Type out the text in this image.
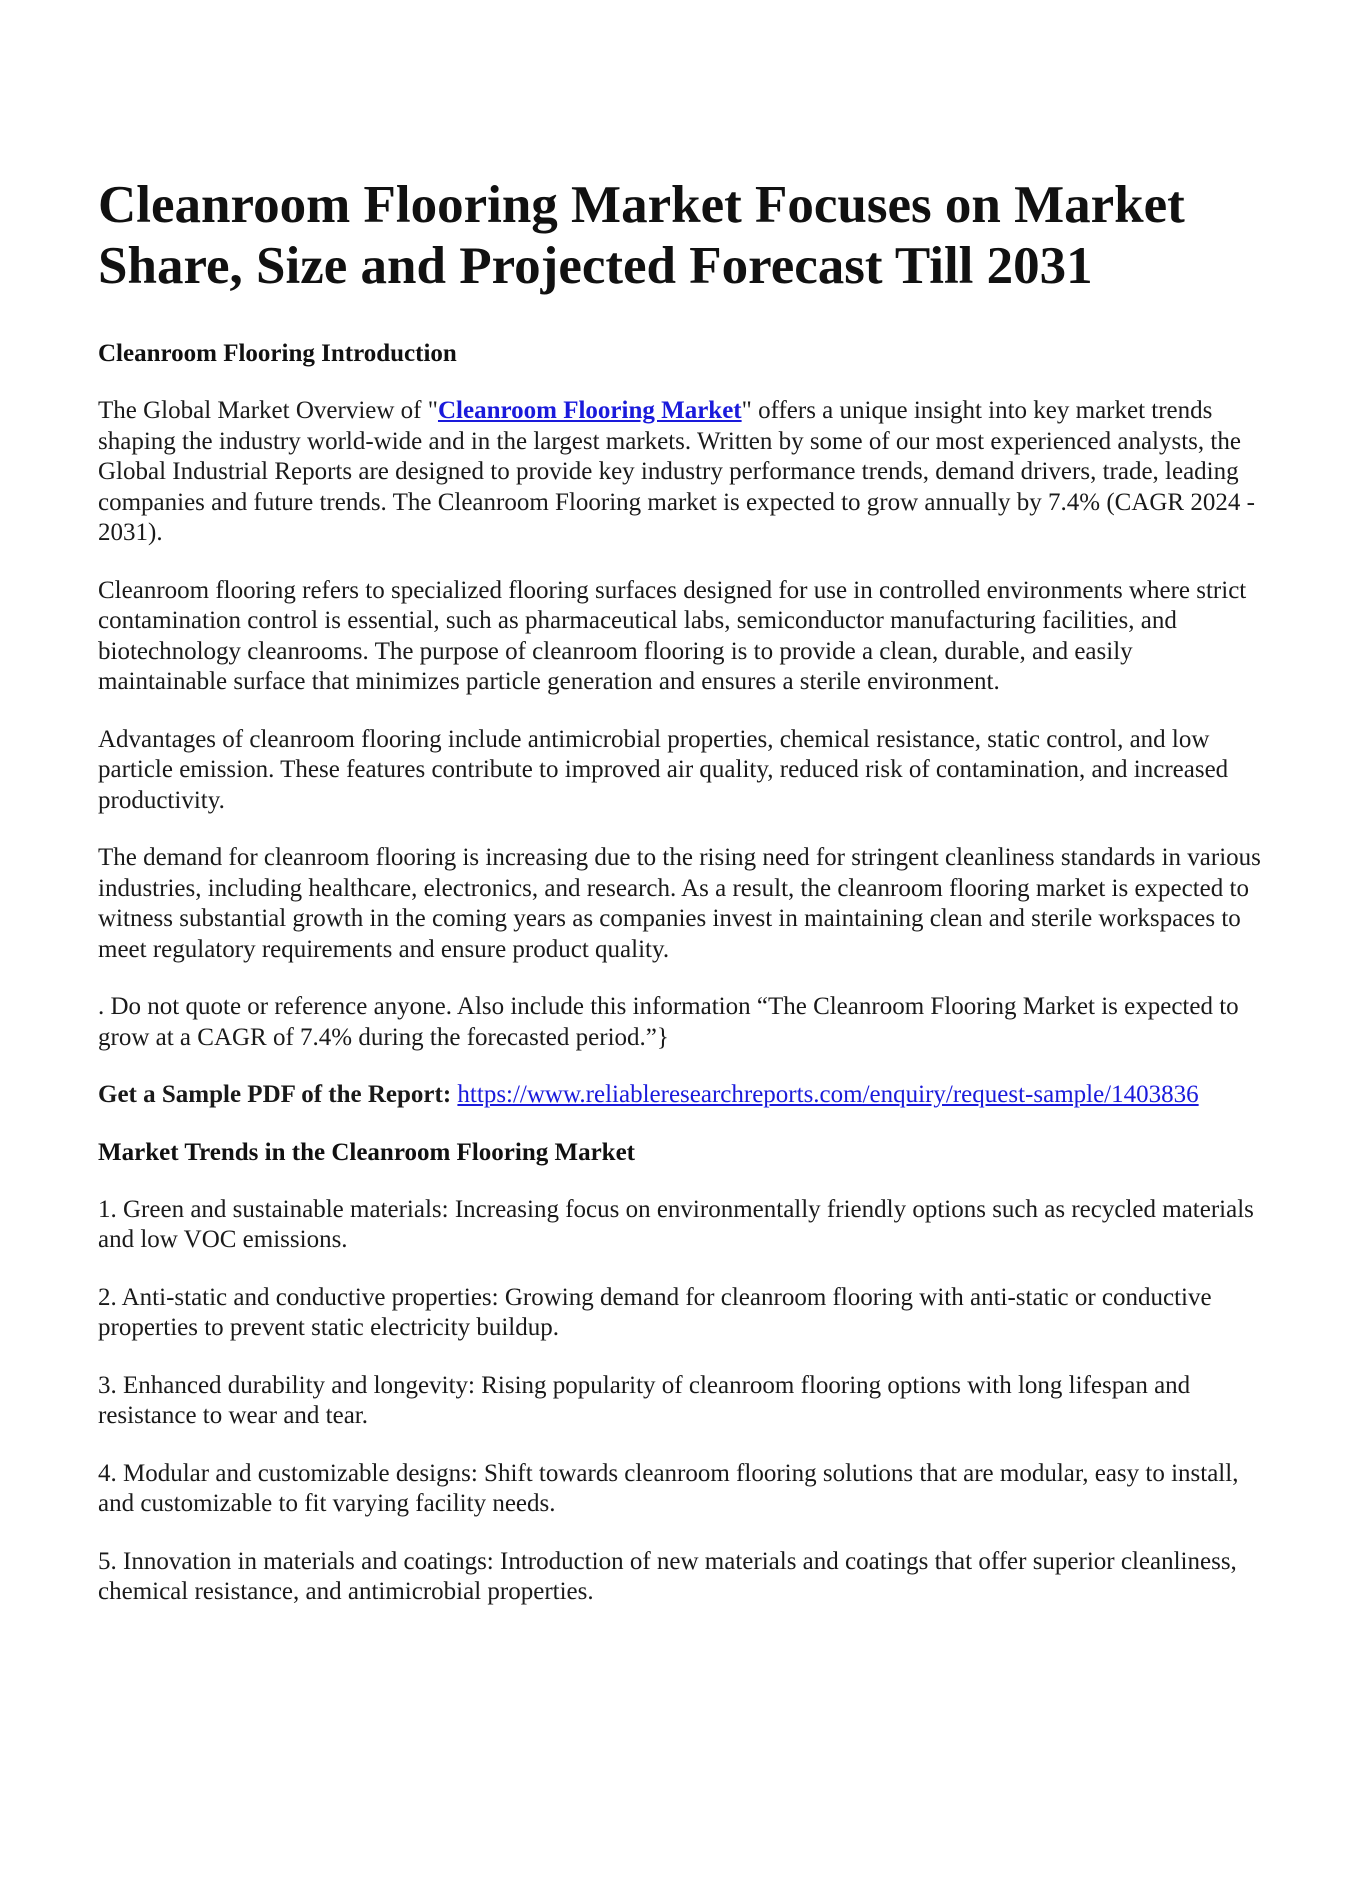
Cleanroom Flooring Market Focuses on Market Share, Size and Projected Forecast Till 2031
Cleanroom Flooring Introduction

The Global Market Overview of "Cleanroom Flooring Market" offers a unique insight into key market trends shaping the industry world-wide and in the largest markets. Written by some of our most experienced analysts, the Global Industrial Reports are designed to provide key industry performance trends, demand drivers, trade, leading companies and future trends. The Cleanroom Flooring market is expected to grow annually by 7.4% (CAGR 2024 - 2031).

Cleanroom flooring refers to specialized flooring surfaces designed for use in controlled environments where strict contamination control is essential, such as pharmaceutical labs, semiconductor manufacturing facilities, and biotechnology cleanrooms. The purpose of cleanroom flooring is to provide a clean, durable, and easily maintainable surface that minimizes particle generation and ensures a sterile environment.

Advantages of cleanroom flooring include antimicrobial properties, chemical resistance, static control, and low particle emission. These features contribute to improved air quality, reduced risk of contamination, and increased productivity.

The demand for cleanroom flooring is increasing due to the rising need for stringent cleanliness standards in various industries, including healthcare, electronics, and research. As a result, the cleanroom flooring market is expected to witness substantial growth in the coming years as companies invest in maintaining clean and sterile workspaces to meet regulatory requirements and ensure product quality.

. Do not quote or reference anyone. Also include this information “The Cleanroom Flooring Market is expected to grow at a CAGR of 7.4% during the forecasted period.”}

Get a Sample PDF of the Report: https://www.reliableresearchreports.com/enquiry/request-sample/1403836

Market Trends in the Cleanroom Flooring Market

1. Green and sustainable materials: Increasing focus on environmentally friendly options such as recycled materials and low VOC emissions.

2. Anti-static and conductive properties: Growing demand for cleanroom flooring with anti-static or conductive properties to prevent static electricity buildup.

3. Enhanced durability and longevity: Rising popularity of cleanroom flooring options with long lifespan and resistance to wear and tear.

4. Modular and customizable designs: Shift towards cleanroom flooring solutions that are modular, easy to install, and customizable to fit varying facility needs.

5. Innovation in materials and coatings: Introduction of new materials and coatings that offer superior cleanliness, chemical resistance, and antimicrobial properties.
